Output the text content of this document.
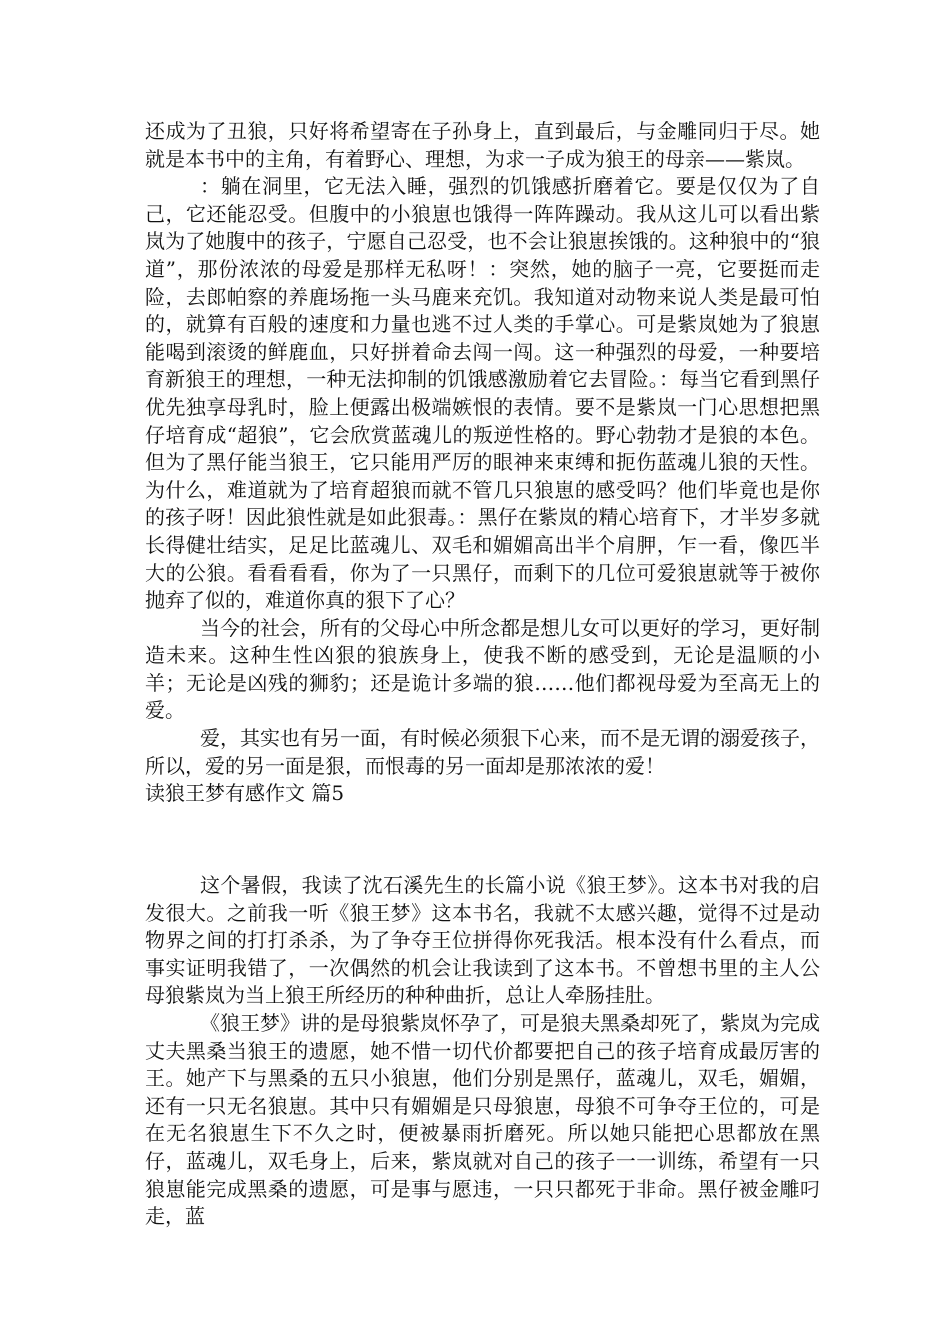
还成为了丑狼，只好将希望寄在子孙身上，直到最后，与金雕同归于尽。她就是本书中的主角，有着野心、理想，为求一子成为狼王的母亲——紫岚。

：躺在洞里，它无法入睡，强烈的饥饿感折磨着它。要是仅仅为了自己，它还能忍受。但腹中的小狼崽也饿得一阵阵躁动。我从这儿可以看出紫岚为了她腹中的孩子，宁愿自己忍受，也不会让狼崽挨饿的。这种狼中的“狼道”，那份浓浓的母爱是那样无私呀！：突然，她的脑子一亮，它要挺而走险，去郎帕察的养鹿场拖一头马鹿来充饥。我知道对动物来说人类是最可怕的，就算有百般的速度和力量也逃不过人类的手掌心。可是紫岚她为了狼崽能喝到滚烫的鲜鹿血，只好拼着命去闯一闯。这一种强烈的母爱，一种要培育新狼王的理想，一种无法抑制的饥饿感激励着它去冒险。：每当它看到黑仔优先独享母乳时，脸上便露出极端嫉恨的表情。要不是紫岚一门心思想把黑仔培育成“超狼”，它会欣赏蓝魂儿的叛逆性格的。野心勃勃才是狼的本色。但为了黑仔能当狼王，它只能用严厉的眼神来束缚和扼伤蓝魂儿狼的天性。为什么，难道就为了培育超狼而就不管几只狼崽的感受吗？他们毕竟也是你的孩子呀！因此狼性就是如此狠毒。：黑仔在紫岚的精心培育下，才半岁多就长得健壮结实，足足比蓝魂儿、双毛和媚媚高出半个肩胛，乍一看，像匹半大的公狼。看看看看，你为了一只黑仔，而剩下的几位可爱狼崽就等于被你抛弃了似的，难道你真的狠下了心？

当今的社会，所有的父母心中所念都是想儿女可以更好的学习，更好制造未来。这种生性凶狠的狼族身上，使我不断的感受到，无论是温顺的小羊；无论是凶残的狮豹；还是诡计多端的狼……他们都视母爱为至高无上的爱。

爱，其实也有另一面，有时候必须狠下心来，而不是无谓的溺爱孩子，所以，爱的另一面是狠，而恨毒的另一面却是那浓浓的爱！

读狼王梦有感作文 篇5

这个暑假，我读了沈石溪先生的长篇小说《狼王梦》。这本书对我的启发很大。之前我一听《狼王梦》这本书名，我就不太感兴趣，觉得不过是动物界之间的打打杀杀，为了争夺王位拼得你死我活。根本没有什么看点，而事实证明我错了，一次偶然的机会让我读到了这本书。不曾想书里的主人公母狼紫岚为当上狼王所经历的种种曲折，总让人牵肠挂肚。

《狼王梦》讲的是母狼紫岚怀孕了，可是狼夫黑桑却死了，紫岚为完成丈夫黑桑当狼王的遗愿，她不惜一切代价都要把自己的孩子培育成最厉害的王。她产下与黑桑的五只小狼崽，他们分别是黑仔，蓝魂儿，双毛，媚媚，还有一只无名狼崽。其中只有媚媚是只母狼崽，母狼不可争夺王位的，可是在无名狼崽生下不久之时，便被暴雨折磨死。所以她只能把心思都放在黑仔，蓝魂儿，双毛身上，后来，紫岚就对自己的孩子一一训练，希望有一只狼崽能完成黑桑的遗愿，可是事与愿违，一只只都死于非命。黑仔被金雕叼走，蓝
